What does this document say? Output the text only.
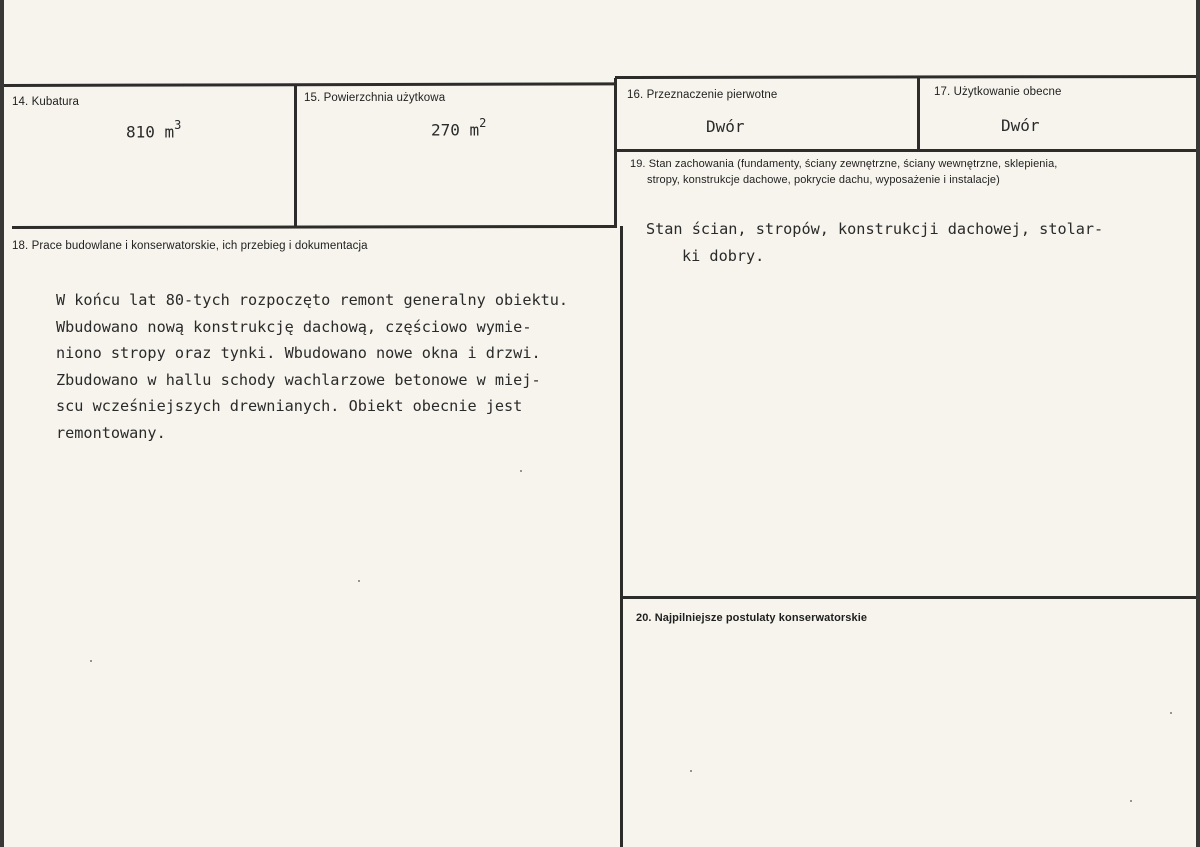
14. Kubatura
810 $m^3$
15. Powierzchnia użytkowa
270 $m^2$
16. Przeznaczenie pierwotne
Dwór
17. Użytkowanie obecne
Dwór
18. Prace budowlane i konserwatorskie, ich przebieg i dokumentacja
W końcu lat 80-tych rozpoczęto remont generalny obiektu.
Wbudowano nową konstrukcję dachową, częściowo wymie-
niono stropy oraz tynki. Wbudowano nowe okna i drzwi.
Zbudowano w hallu schody wachlarzowe betonowe w miej-
scu wcześniejszych drewnianych. Obiekt obecnie jest
remontowany.
19. Stan zachowania (fundamenty, ściany zewnętrzne, ściany wewnętrzne, sklepienia,
stropy, konstrukcje dachowe, pokrycie dachu, wyposażenie i instalacje)
Stan ścian, stropów, konstrukcji dachowej, stolar-
ki dobry.
20. Najpilniejsze postulaty konserwatorskie
